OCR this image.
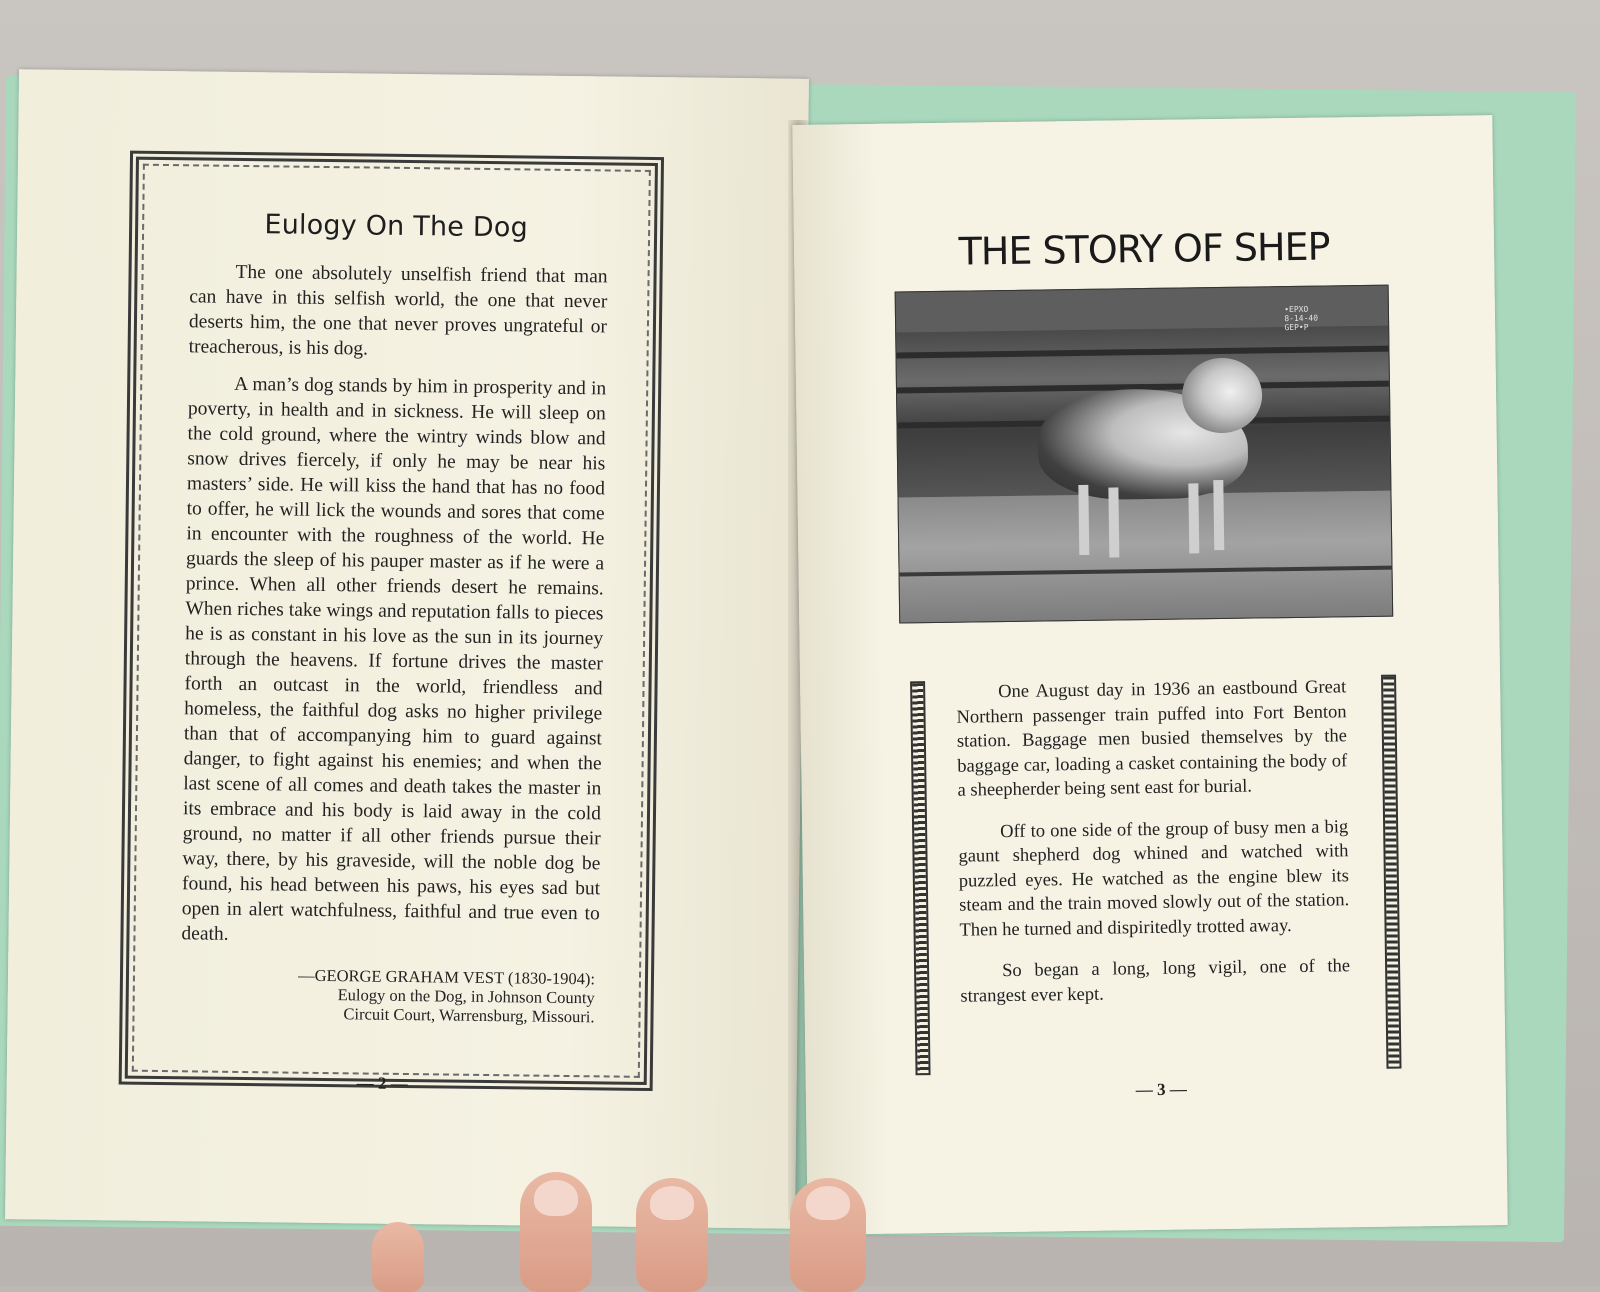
Eulogy On The Dog

The one absolutely unselfish friend that man can have in this selfish world, the one that never deserts him, the one that never proves ungrateful or treacherous, is his dog.

A man’s dog stands by him in prosperity and in poverty, in health and in sickness. He will sleep on the cold ground, where the wintry winds blow and snow drives fiercely, if only he may be near his masters’ side. He will kiss the hand that has no food to offer, he will lick the wounds and sores that come in encounter with the roughness of the world. He guards the sleep of his pauper master as if he were a prince. When all other friends desert he remains. When riches take wings and reputation falls to pieces he is as constant in his love as the sun in its journey through the heavens. If fortune drives the master forth an outcast in the world, friendless and homeless, the faithful dog asks no higher privilege than that of accompanying him to guard against danger, to fight against his enemies; and when the last scene of all comes and death takes the master in its embrace and his body is laid away in the cold ground, no matter if all other friends pursue their way, there, by his graveside, will the noble dog be found, his head between his paws, his eyes sad but open in alert watchfulness, faithful and true even to death.

—GEORGE GRAHAM VEST (1830-1904):
Eulogy on the Dog, in Johnson County
Circuit Court, Warrensburg, Missouri.
— 2 —
THE STORY OF SHEP
•EPXO
8-14-40
GEP•P

One August day in 1936 an eastbound Great Northern passenger train puffed into Fort Benton station. Baggage men busied themselves by the baggage car, loading a casket containing the body of a sheepherder being sent east for burial.

Off to one side of the group of busy men a big gaunt shepherd dog whined and watched with puzzled eyes. He watched as the engine blew its steam and the train moved slowly out of the station. Then he turned and dispiritedly trotted away.

So began a long, long vigil, one of the strangest ever kept.

— 3 —
